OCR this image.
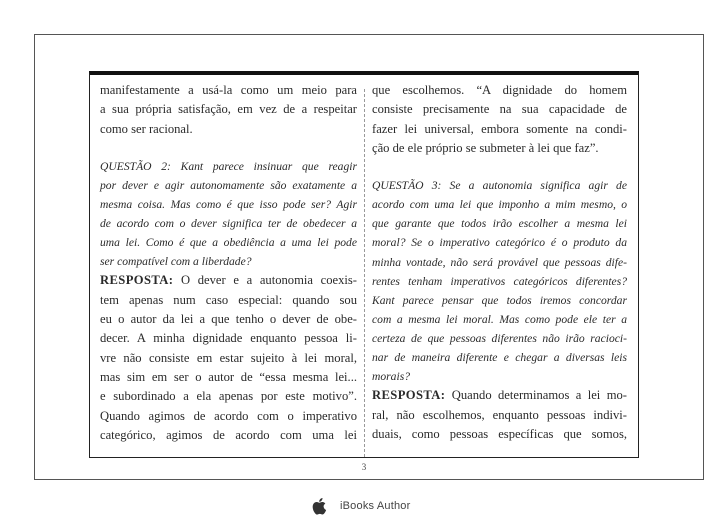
manifestamente a usá-la como um meio para

a sua própria satisfação, em vez de a respeitar

como ser racional.

QUESTÃO 2: Kant parece insinuar que reagir

por dever e agir autonomamente são exatamente a

mesma coisa. Mas como é que isso pode ser? Agir

de acordo com o dever significa ter de obedecer a

uma lei. Como é que a obediência a uma lei pode

ser compatível com a liberdade?

RESPOSTA: O dever e a autonomia coexis-

tem apenas num caso especial: quando sou

eu o autor da lei a que tenho o dever de obe-

decer. A minha dignidade enquanto pessoa li-

vre não consiste em estar sujeito à lei moral,

mas sim em ser o autor de “essa mesma lei...

e subordinado a ela apenas por este motivo”.

Quando agimos de acordo com o imperativo

categórico, agimos de acordo com uma lei

que escolhemos. “A dignidade do homem

consiste precisamente na sua capacidade de

fazer lei universal, embora somente na condi-

ção de ele próprio se submeter à lei que faz”.

QUESTÃO 3: Se a autonomia significa agir de

acordo com uma lei que imponho a mim mesmo, o

que garante que todos irão escolher a mesma lei

moral? Se o imperativo categórico é o produto da

minha vontade, não será provável que pessoas dife-

rentes tenham imperativos categóricos diferentes?

Kant parece pensar que todos iremos concordar

com a mesma lei moral. Mas como pode ele ter a

certeza de que pessoas diferentes não irão racioci-

nar de maneira diferente e chegar a diversas leis

morais?

RESPOSTA: Quando determinamos a lei mo-

ral, não escolhemos, enquanto pessoas indivi-

duais, como pessoas específicas que somos,

3
iBooks Author
